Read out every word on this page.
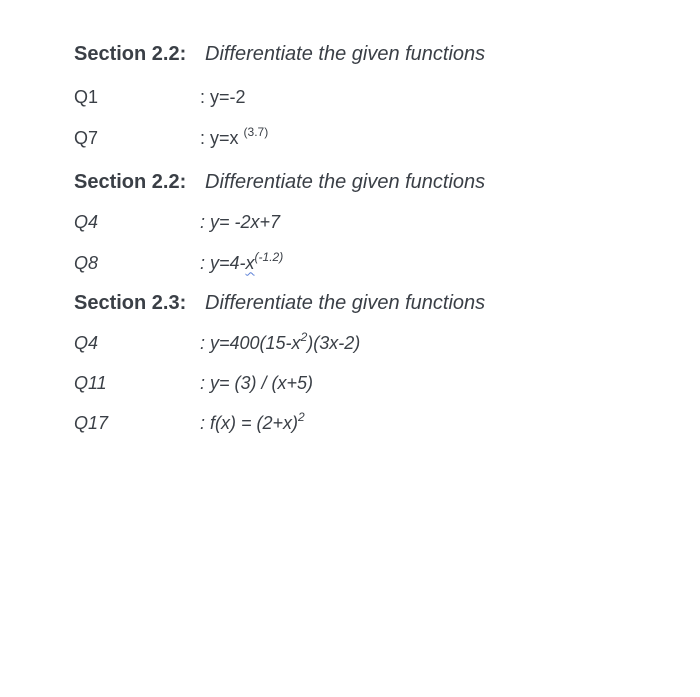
Section 2.2: Differentiate the given functions
Q1	: y=-2
Q7	: y=x $^{(3.7)}$
Section 2.2: Differentiate the given functions
Q4	: y= -2x+7
Q8	: $y=4-x^{(-1.2)}$
Section 2.3: Differentiate the given functions
Q4	: $y=400(15-x^2)(3x-2)$
Q11	: y= (3) / (x+5)
Q17	: $f(x) = (2+x)^2$
